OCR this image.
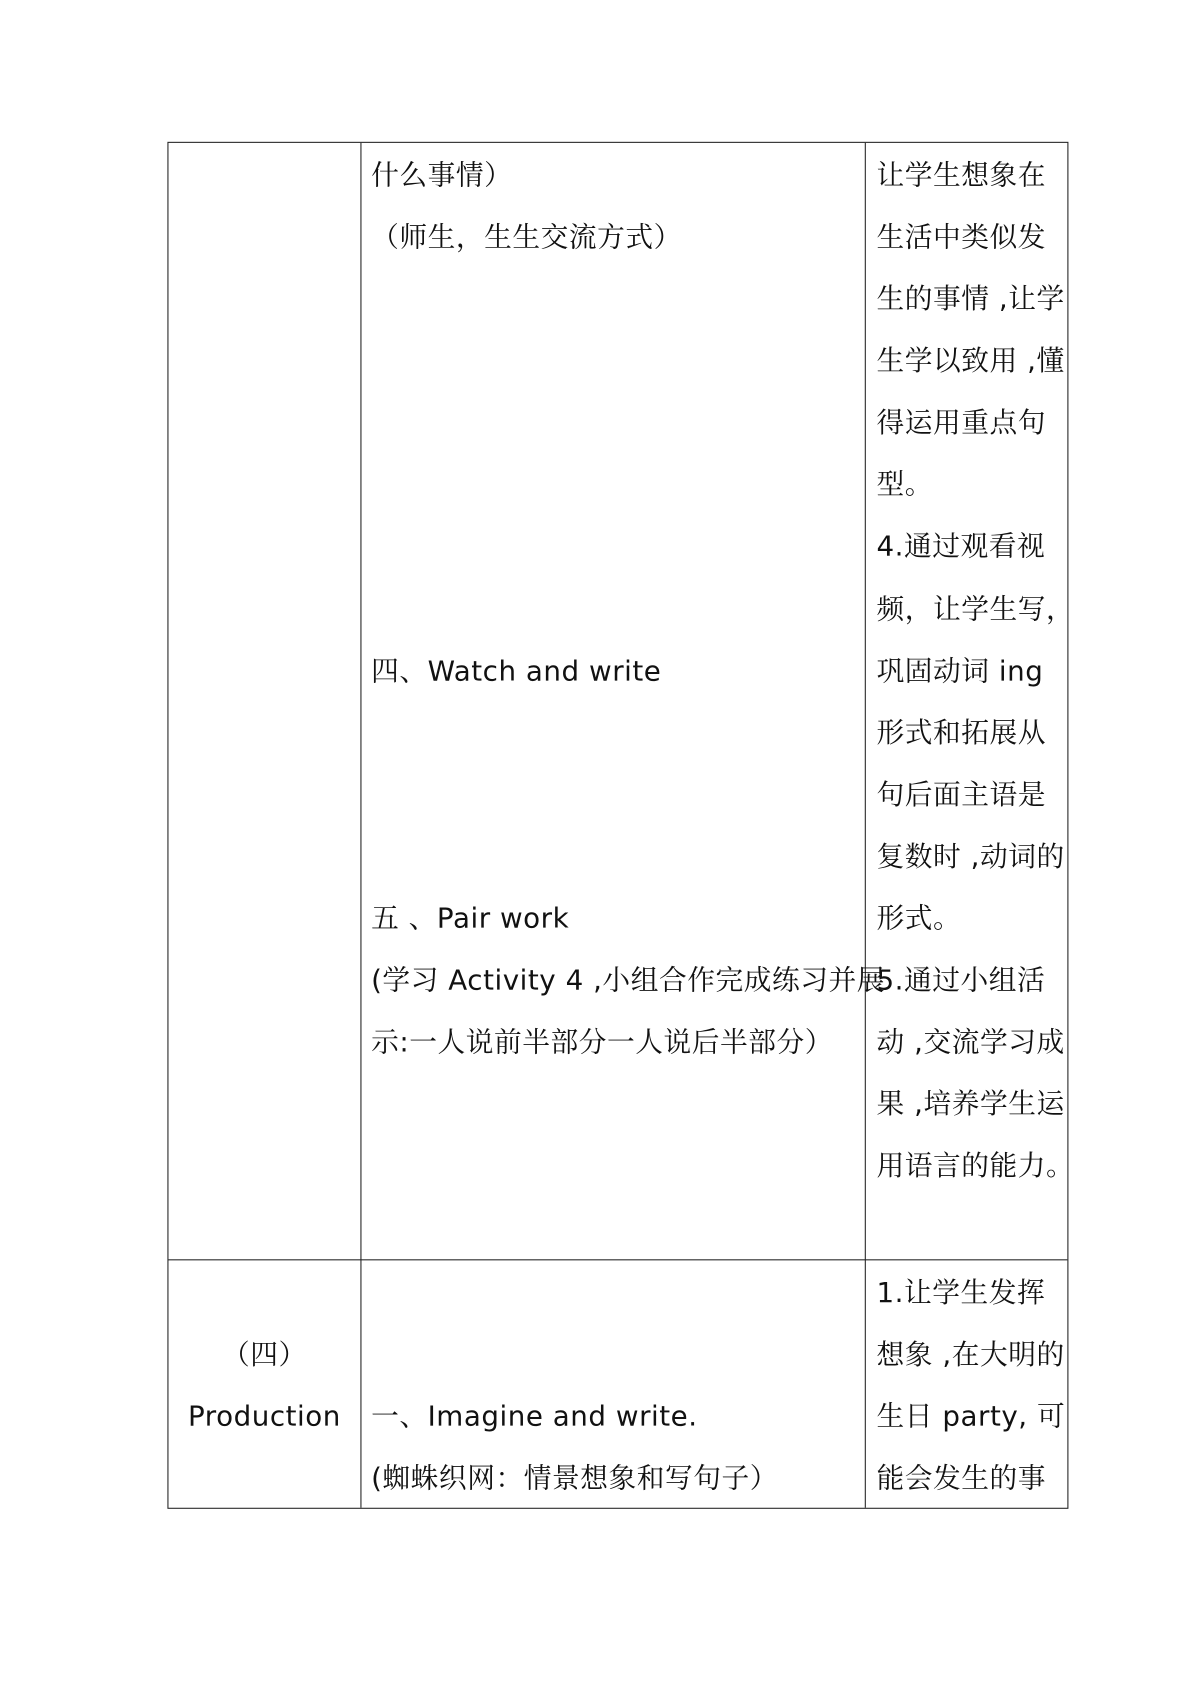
什么事情）
（师生，生生交流方式）
四、Watch and write
五 、Pair work
(学习 Activity 4 ,小组合作完成练习并展
示:一人说前半部分一人说后半部分）
让学生想象在
生活中类似发
生的事情 ,让学
生学以致用 ,懂
得运用重点句
型。
4.通过观看视
频，让学生写，
巩固动词 ing
形式和拓展从
句后面主语是
复数时 ,动词的
形式。
5.通过小组活
动 ,交流学习成
果 ,培养学生运
用语言的能力。
（四）
Production	一、Imagine and write.
(蜘蛛织网：情景想象和写句子）
1.让学生发挥
想象 ,在大明的
生日 party, 可
能会发生的事
